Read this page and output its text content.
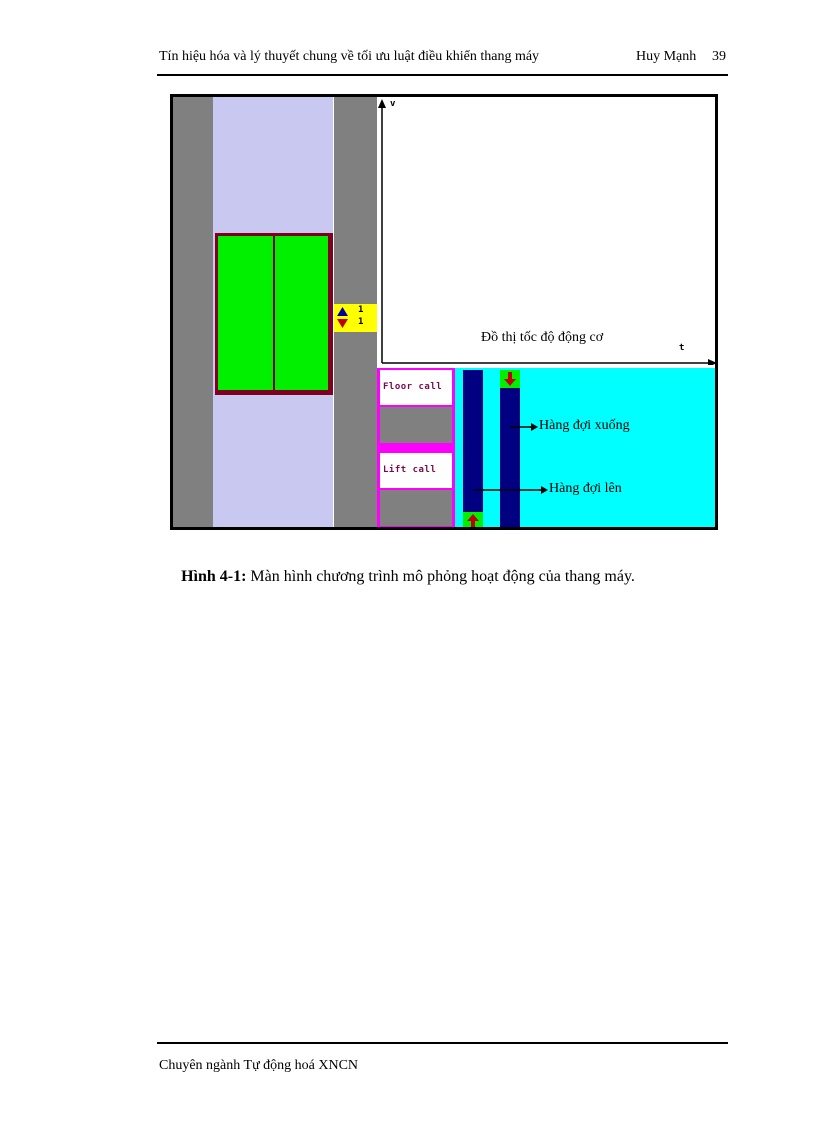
Tín hiệu hóa và lý thuyết chung về tối ưu luật điều khiển thang máy	Huy Mạnh 39
1
1
v
t
Đồ thị tốc độ động cơ
Floor call
Lift call
Hàng đợi xuống
Hàng đợi lên
Hình 4-1: Màn hình chương trình mô phỏng hoạt động của thang máy.
Chuyên ngành Tự động hoá XNCN
